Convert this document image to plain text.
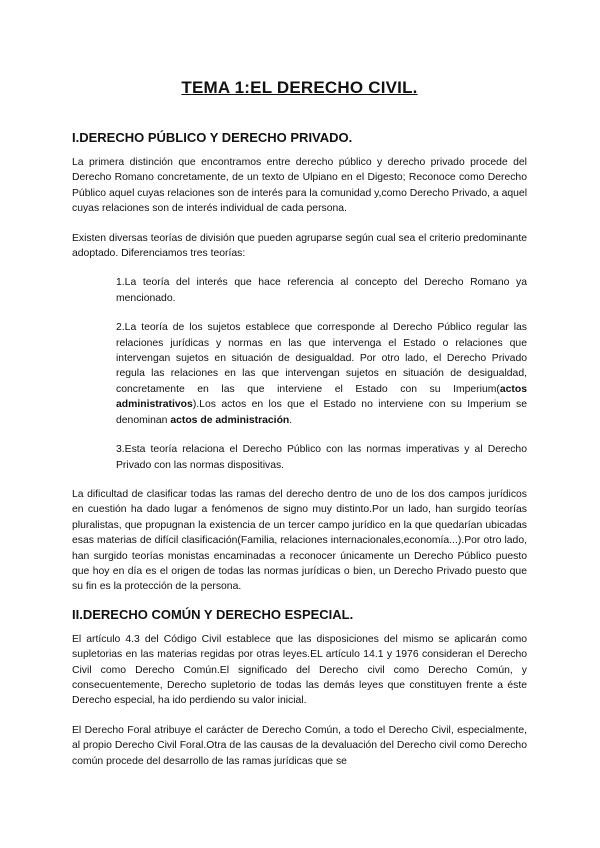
TEMA 1:EL DERECHO CIVIL.
I.DERECHO PÚBLICO Y DERECHO PRIVADO.

La primera distinción que encontramos entre derecho público y derecho privado procede del Derecho Romano concretamente, de un texto de Ulpiano en el Digesto; Reconoce como Derecho Público aquel cuyas relaciones son de interés para la comunidad y,como Derecho Privado, a aquel cuyas relaciones son de interés individual de cada persona.

Existen diversas teorías de división que pueden agruparse según cual sea el criterio predominante adoptado. Diferenciamos tres teorías:

1.La teoría del interés que hace referencia al concepto del Derecho Romano ya mencionado.

2.La teoría de los sujetos establece que corresponde al Derecho Público regular las relaciones jurídicas y normas en las que intervenga el Estado o relaciones que intervengan sujetos en situación de desigualdad. Por otro lado, el Derecho Privado regula las relaciones en las que intervengan sujetos en situación de desigualdad, concretamente en las que interviene el Estado con su Imperium(actos administrativos).Los actos en los que el Estado no interviene con su Imperium se denominan actos de administración.

3.Esta teoría relaciona el Derecho Público con las normas imperativas y al Derecho Privado con las normas dispositivas.

La dificultad de clasificar todas las ramas del derecho dentro de uno de los dos campos jurídicos en cuestión ha dado lugar a fenómenos de signo muy distinto.Por un lado, han surgido teorías pluralistas, que propugnan la existencia de un tercer campo jurídico en la que quedarían ubicadas esas materias de difícil clasificación(Familia, relaciones internacionales,economía...).Por otro lado, han surgido teorías monistas encaminadas a reconocer únicamente un Derecho Público puesto que hoy en día es el origen de todas las normas jurídicas o bien, un Derecho Privado puesto que su fin es la protección de la persona.

II.DERECHO COMÚN Y DERECHO ESPECIAL.

El artículo 4.3 del Código Civil establece que las disposiciones del mismo se aplicarán como supletorias en las materias regidas por otras leyes.EL artículo 14.1 y 1976 consideran el Derecho Civil como Derecho Común.El significado del Derecho civil como Derecho Común, y consecuentemente, Derecho supletorio de todas las demás leyes que constituyen frente a éste Derecho especial, ha ido perdiendo su valor inicial.

El Derecho Foral atribuye el carácter de Derecho Común, a todo el Derecho Civil, especialmente, al propio Derecho Civil Foral.Otra de las causas de la devaluación del Derecho civil como Derecho común procede del desarrollo de las ramas jurídicas que se
